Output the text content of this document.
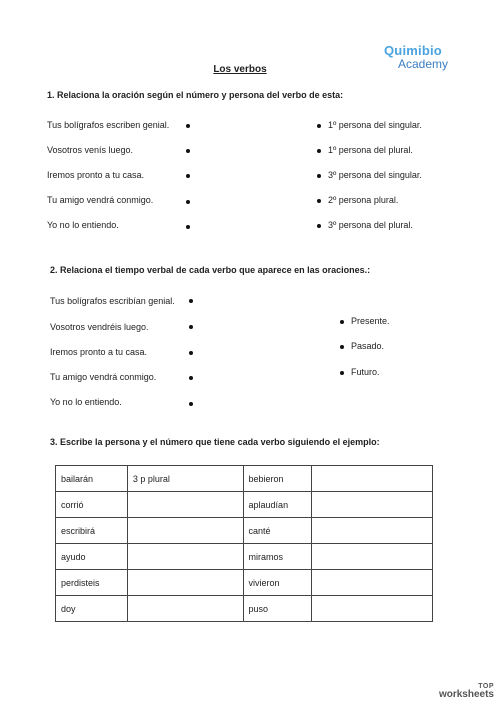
Quimibio
Academy
Los verbos
1. Relaciona la oración según el número y persona del verbo de esta:
Tus bolígrafos escriben genial.
Vosotros venís luego.
Iremos pronto a tu casa.
Tu amigo vendrá conmigo.
Yo no lo entiendo.
1º persona del singular.
1º persona del plural.
3º persona del singular.
2º persona plural.
3º persona del plural.
2. Relaciona el tiempo verbal de cada verbo que aparece en las oraciones.:
Tus bolígrafos escribían genial.
Vosotros vendréis luego.
Iremos pronto a tu casa.
Tu amigo vendrá conmigo.
Yo no lo entiendo.
Presente.
Pasado.
Futuro.
3. Escribe la persona y el número que tiene cada verbo siguiendo el ejemplo:
bailarán	3 p plural	bebieron	
corrió		aplaudían	
escribirá		canté	
ayudo		miramos	
perdisteis		vivieron	
doy		puso	
TOP
worksheets
